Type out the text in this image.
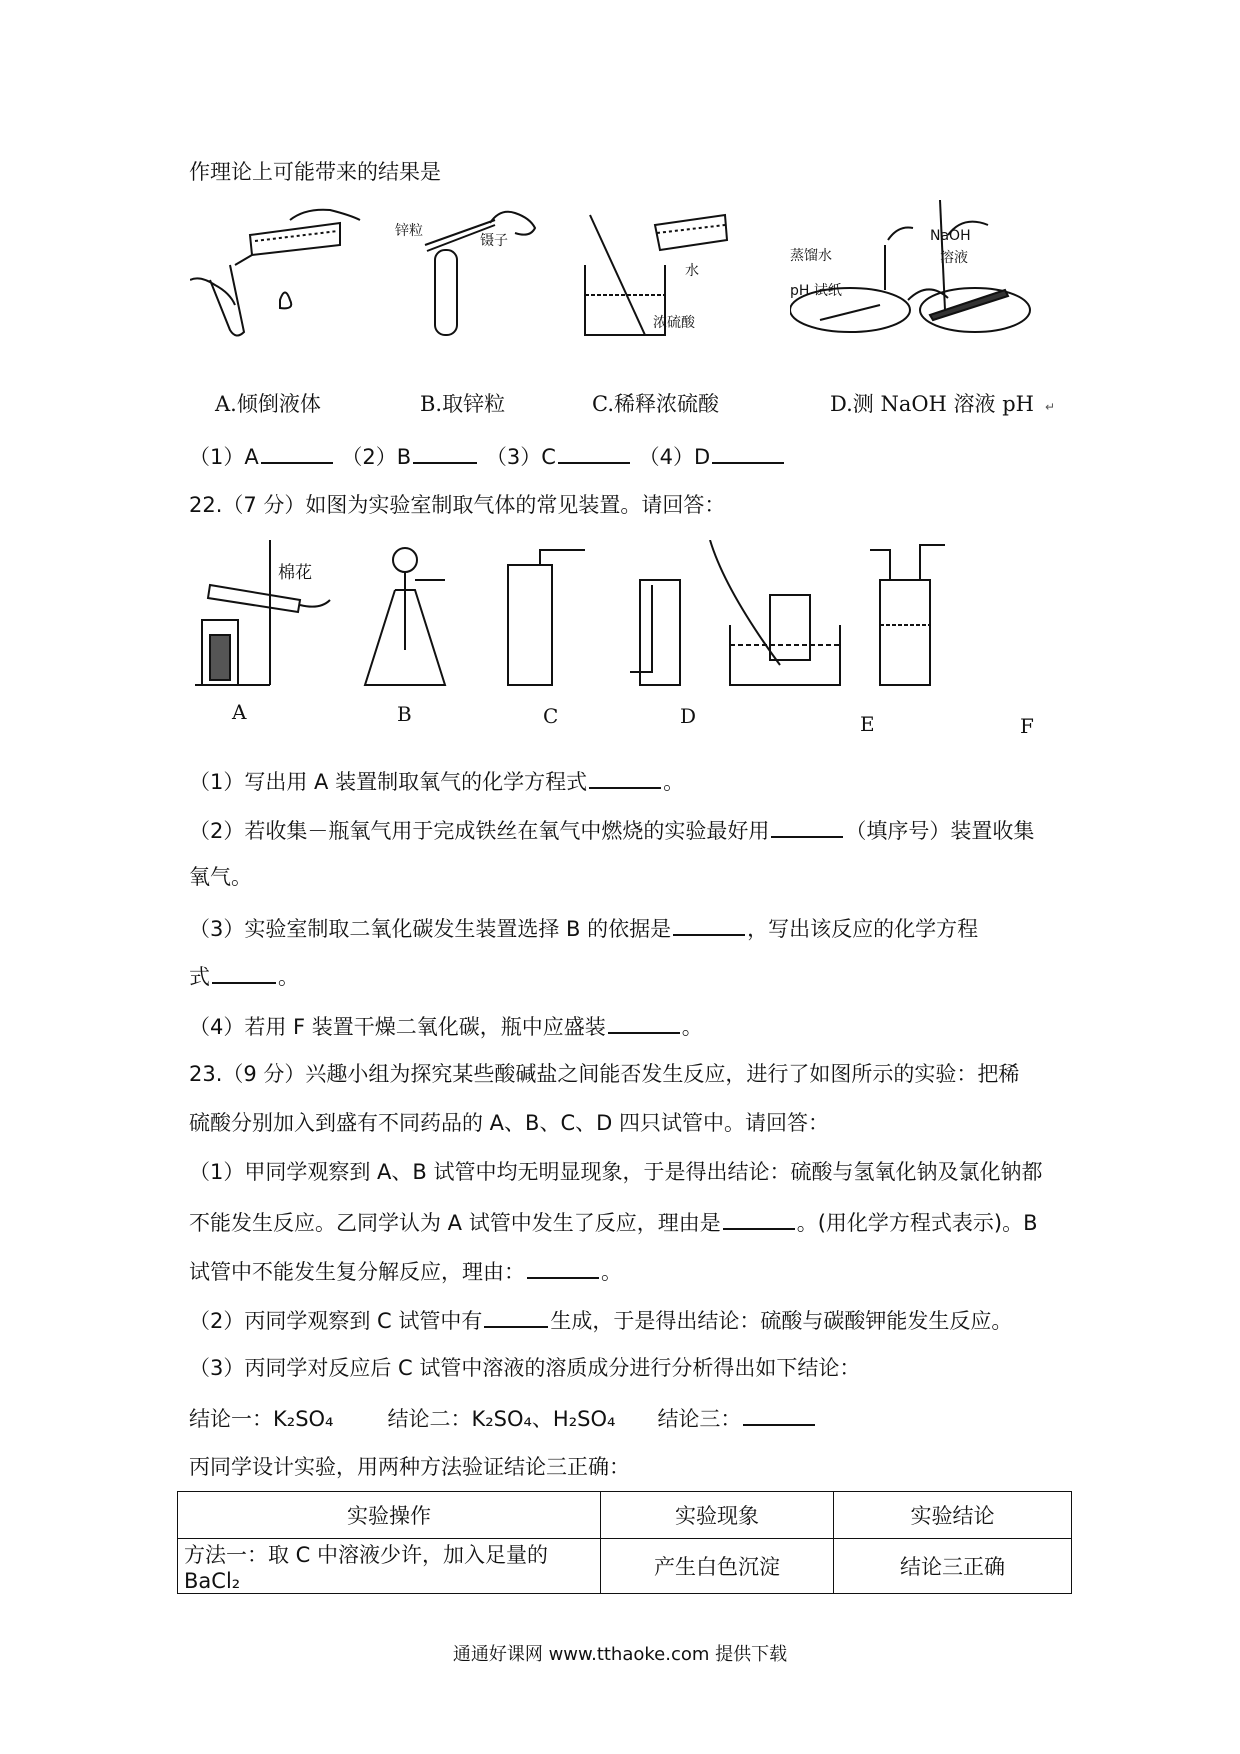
作理论上可能带来的结果是
锌粒
镊子
水
浓硫酸
蒸馏水
pH 试纸
NaOH
溶液
A.倾倒液体	B.取锌粒	C.稀释浓硫酸	D.测 NaOH 溶液 pH ↵
（1）A	（2）B	（3）C	（4）D
22.（7 分）如图为实验室制取气体的常见装置。请回答：
棉花
A	B	C	D	E	F
（1）写出用 A 装置制取氧气的化学方程式	。
（2）若收集－瓶氧气用于完成铁丝在氧气中燃烧的实验最好用	（填序号）装置收集
氧气。
（3）实验室制取二氧化碳发生装置选择 B 的依据是	，写出该反应的化学方程
式	。
（4）若用 F 装置干燥二氧化碳，瓶中应盛装	。
23.（9 分）兴趣小组为探究某些酸碱盐之间能否发生反应，进行了如图所示的实验：把稀
硫酸分别加入到盛有不同药品的 A、B、C、D 四只试管中。请回答：
（1）甲同学观察到 A、B 试管中均无明显现象，于是得出结论：硫酸与氢氧化钠及氯化钠都
不能发生反应。乙同学认为 A 试管中发生了反应，理由是	。(用化学方程式表示)。B
试管中不能发生复分解反应，理由：	。
（2）丙同学观察到 C 试管中有	生成，于是得出结论：硫酸与碳酸钾能发生反应。
（3）丙同学对反应后 C 试管中溶液的溶质成分进行分析得出如下结论：
结论一：K₂SO₄	结论二：K₂SO₄、H₂SO₄ 结论三：
丙同学设计实验，用两种方法验证结论三正确：
实验操作	实验现象	实验结论
方法一：取 C 中溶液少许，加入足量的 BaCl₂	产生白色沉淀	结论三正确
通通好课网 www.tthaoke.com 提供下载
